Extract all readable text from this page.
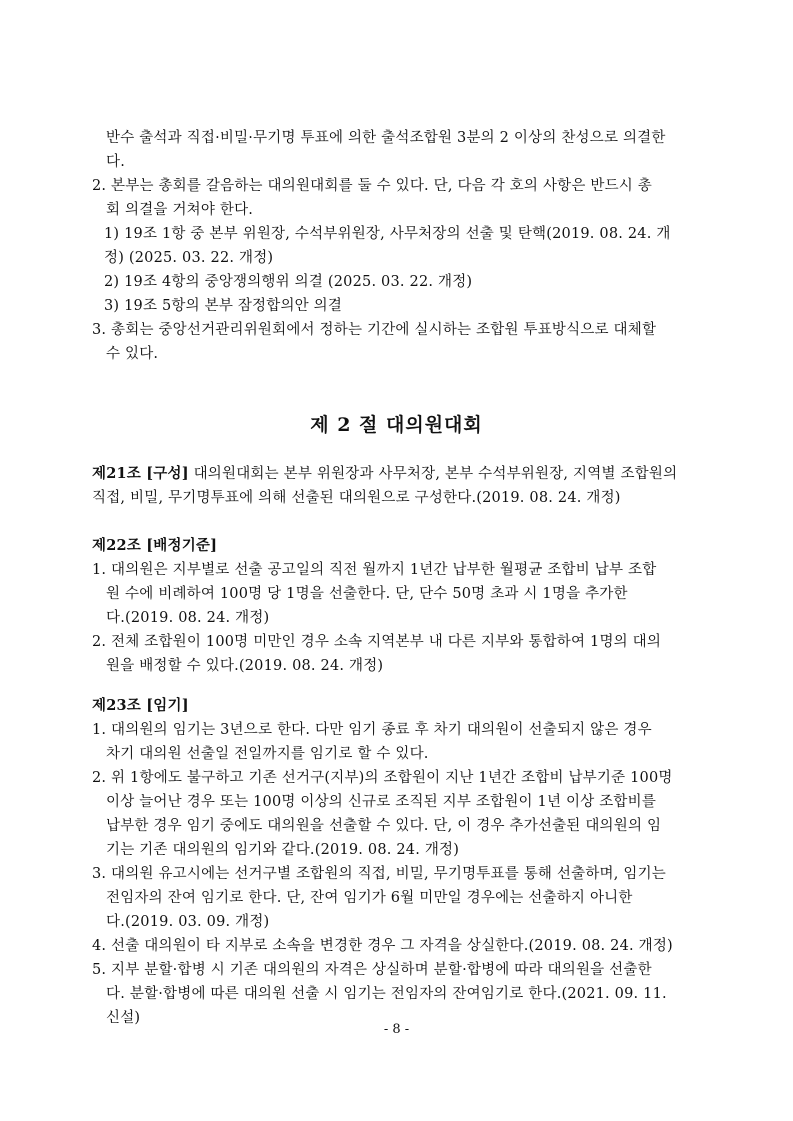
반수 출석과 직접·비밀·무기명 투표에 의한 출석조합원 3분의 2 이상의 찬성으로 의결한
다.
2. 본부는 총회를 갈음하는 대의원대회를 둘 수 있다. 단, 다음 각 호의 사항은 반드시 총
회 의결을 거쳐야 한다.
1) 19조 1항 중 본부 위원장, 수석부위원장, 사무처장의 선출 및 탄핵(2019. 08. 24. 개
정) (2025. 03. 22. 개정)
2) 19조 4항의 중앙쟁의행위 의결 (2025. 03. 22. 개정)
3) 19조 5항의 본부 잠정합의안 의결
3. 총회는 중앙선거관리위원회에서 정하는 기간에 실시하는 조합원 투표방식으로 대체할
수 있다.
제 2 절 대의원대회
제21조 [구성] 대의원대회는 본부 위원장과 사무처장, 본부 수석부위원장, 지역별 조합원의
직접, 비밀, 무기명투표에 의해 선출된 대의원으로 구성한다.(2019. 08. 24. 개정)
제22조 [배정기준]
1. 대의원은 지부별로 선출 공고일의 직전 월까지 1년간 납부한 월평균 조합비 납부 조합
원 수에 비례하여 100명 당 1명을 선출한다. 단, 단수 50명 초과 시 1명을 추가한
다.(2019. 08. 24. 개정)
2. 전체 조합원이 100명 미만인 경우 소속 지역본부 내 다른 지부와 통합하여 1명의 대의
원을 배정할 수 있다.(2019. 08. 24. 개정)
제23조 [임기]
1. 대의원의 임기는 3년으로 한다. 다만 임기 종료 후 차기 대의원이 선출되지 않은 경우
차기 대의원 선출일 전일까지를 임기로 할 수 있다.
2. 위 1항에도 불구하고 기존 선거구(지부)의 조합원이 지난 1년간 조합비 납부기준 100명
이상 늘어난 경우 또는 100명 이상의 신규로 조직된 지부 조합원이 1년 이상 조합비를
납부한 경우 임기 중에도 대의원을 선출할 수 있다. 단, 이 경우 추가선출된 대의원의 임
기는 기존 대의원의 임기와 같다.(2019. 08. 24. 개정)
3. 대의원 유고시에는 선거구별 조합원의 직접, 비밀, 무기명투표를 통해 선출하며, 임기는
전임자의 잔여 임기로 한다. 단, 잔여 임기가 6월 미만일 경우에는 선출하지 아니한
다.(2019. 03. 09. 개정)
4. 선출 대의원이 타 지부로 소속을 변경한 경우 그 자격을 상실한다.(2019. 08. 24. 개정)
5. 지부 분할·합병 시 기존 대의원의 자격은 상실하며 분할·합병에 따라 대의원을 선출한
다. 분할·합병에 따른 대의원 선출 시 임기는 전임자의 잔여임기로 한다.(2021. 09. 11.
신설)
- 8 -
